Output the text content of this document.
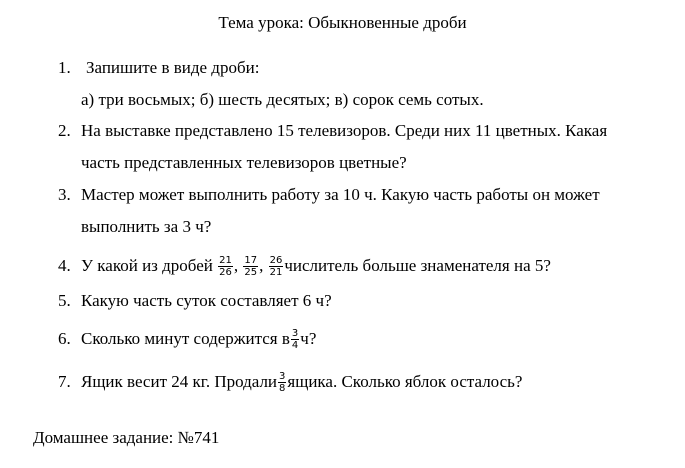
Тема урока: Обыкновенные дроби
1. Запишите в виде дроби:
а) три восьмых; б) шесть десятых; в) сорок семь сотых.
2. На выставке представлено 15 телевизоров. Среди них 11 цветных. Какая
часть представленных телевизоров цветные?
3. Мастер может выполнить работу за 10 ч. Какую часть работы он может
выполнить за 3 ч?
4. У какой из дробей $\frac{21}{26}$ , $\frac{17}{25}$ , $\frac{26}{21}$ числитель больше знаменателя на 5?
5. Какую часть суток составляет 6 ч?
6. Сколько минут содержится в $\frac{3}{4} ч$?
7. Ящик весит 24 кг. Продали $\frac{3}{8}$ ящика. Сколько яблок осталось?
Домашнее задание: №741
